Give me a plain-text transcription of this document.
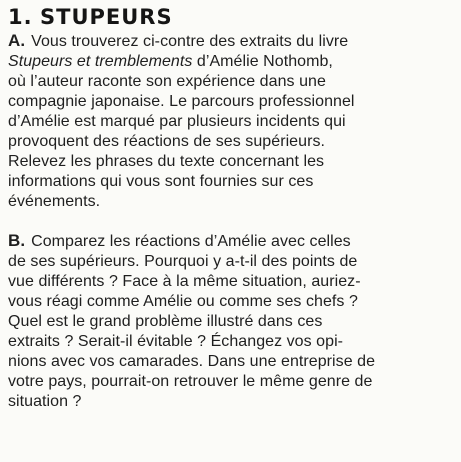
1. STUPEURS
A. Vous trouverez ci-contre des extraits du livre
Stupeurs et tremblements d’Amélie Nothomb,
où l’auteur raconte son expérience dans une
compagnie japonaise. Le parcours professionnel
d’Amélie est marqué par plusieurs incidents qui
provoquent des réactions de ses supérieurs.
Relevez les phrases du texte concernant les
informations qui vous sont fournies sur ces
événements.
B. Comparez les réactions d’Amélie avec celles
de ses supérieurs. Pourquoi y a-t-il des points de
vue différents ? Face à la même situation, auriez-
vous réagi comme Amélie ou comme ses chefs ?
Quel est le grand problème illustré dans ces
extraits ? Serait-il évitable ? Échangez vos opi-
nions avec vos camarades. Dans une entreprise de
votre pays, pourrait-on retrouver le même genre de
situation ?
